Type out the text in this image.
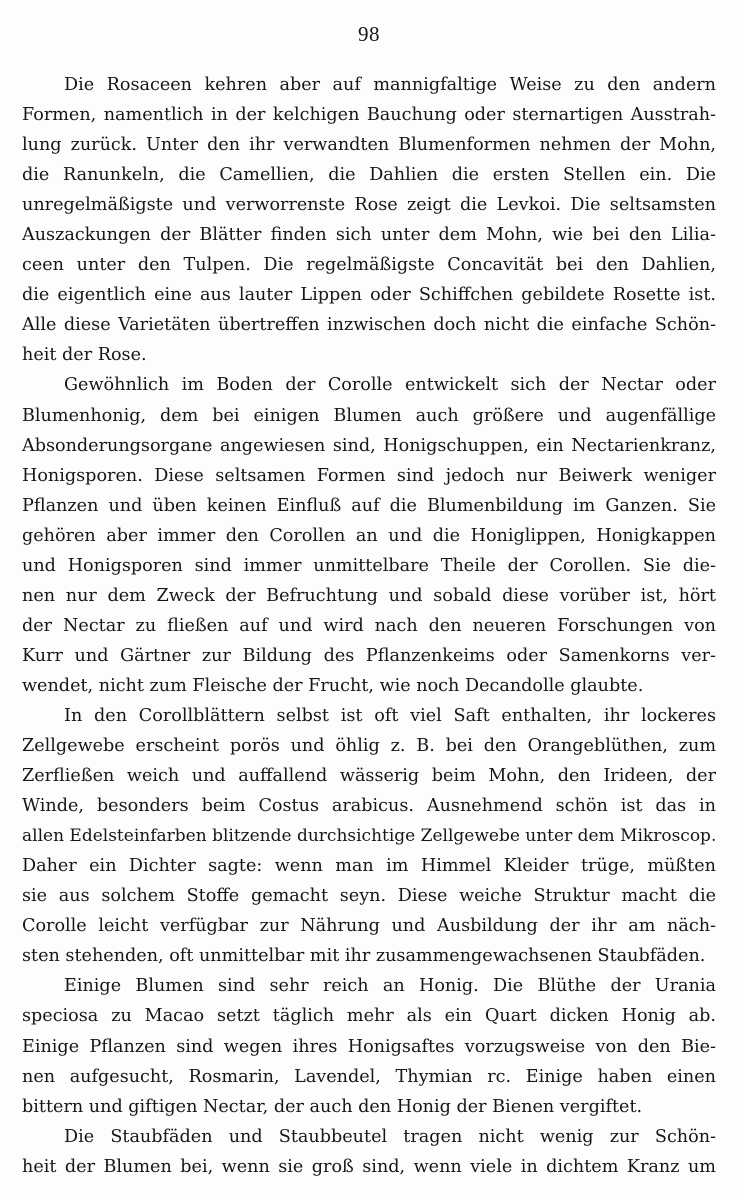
98
Die Rosaceen kehren aber auf mannigfaltige Weise zu den andern
Formen, namentlich in der kelchigen Bauchung oder sternartigen Ausstrah-
lung zurück. Unter den ihr verwandten Blumenformen nehmen der Mohn,
die Ranunkeln, die Camellien, die Dahlien die ersten Stellen ein. Die
unregelmäßigste und verworrenste Rose zeigt die Levkoi. Die seltsamsten
Auszackungen der Blätter finden sich unter dem Mohn, wie bei den Lilia-
ceen unter den Tulpen. Die regelmäßigste Concavität bei den Dahlien,
die eigentlich eine aus lauter Lippen oder Schiffchen gebildete Rosette ist.
Alle diese Varietäten übertreffen inzwischen doch nicht die einfache Schön-
heit der Rose.
Gewöhnlich im Boden der Corolle entwickelt sich der Nectar oder
Blumenhonig, dem bei einigen Blumen auch größere und augenfällige
Absonderungsorgane angewiesen sind, Honigschuppen, ein Nectarienkranz,
Honigsporen. Diese seltsamen Formen sind jedoch nur Beiwerk weniger
Pflanzen und üben keinen Einfluß auf die Blumenbildung im Ganzen. Sie
gehören aber immer den Corollen an und die Honiglippen, Honigkappen
und Honigsporen sind immer unmittelbare Theile der Corollen. Sie die-
nen nur dem Zweck der Befruchtung und sobald diese vorüber ist, hört
der Nectar zu fließen auf und wird nach den neueren Forschungen von
Kurr und Gärtner zur Bildung des Pflanzenkeims oder Samenkorns ver-
wendet, nicht zum Fleische der Frucht, wie noch Decandolle glaubte.
In den Corollblättern selbst ist oft viel Saft enthalten, ihr lockeres
Zellgewebe erscheint porös und öhlig z. B. bei den Orangeblüthen, zum
Zerfließen weich und auffallend wässerig beim Mohn, den Irideen, der
Winde, besonders beim Costus arabicus. Ausnehmend schön ist das in
allen Edelsteinfarben blitzende durchsichtige Zellgewebe unter dem Mikroscop.
Daher ein Dichter sagte: wenn man im Himmel Kleider trüge, müßten
sie aus solchem Stoffe gemacht seyn. Diese weiche Struktur macht die
Corolle leicht verfügbar zur Nährung und Ausbildung der ihr am näch-
sten stehenden, oft unmittelbar mit ihr zusammengewachsenen Staubfäden.
Einige Blumen sind sehr reich an Honig. Die Blüthe der Urania
speciosa zu Macao setzt täglich mehr als ein Quart dicken Honig ab.
Einige Pflanzen sind wegen ihres Honigsaftes vorzugsweise von den Bie-
nen aufgesucht, Rosmarin, Lavendel, Thymian rc. Einige haben einen
bittern und giftigen Nectar, der auch den Honig der Bienen vergiftet.
Die Staubfäden und Staubbeutel tragen nicht wenig zur Schön-
heit der Blumen bei, wenn sie groß sind, wenn viele in dichtem Kranz um
